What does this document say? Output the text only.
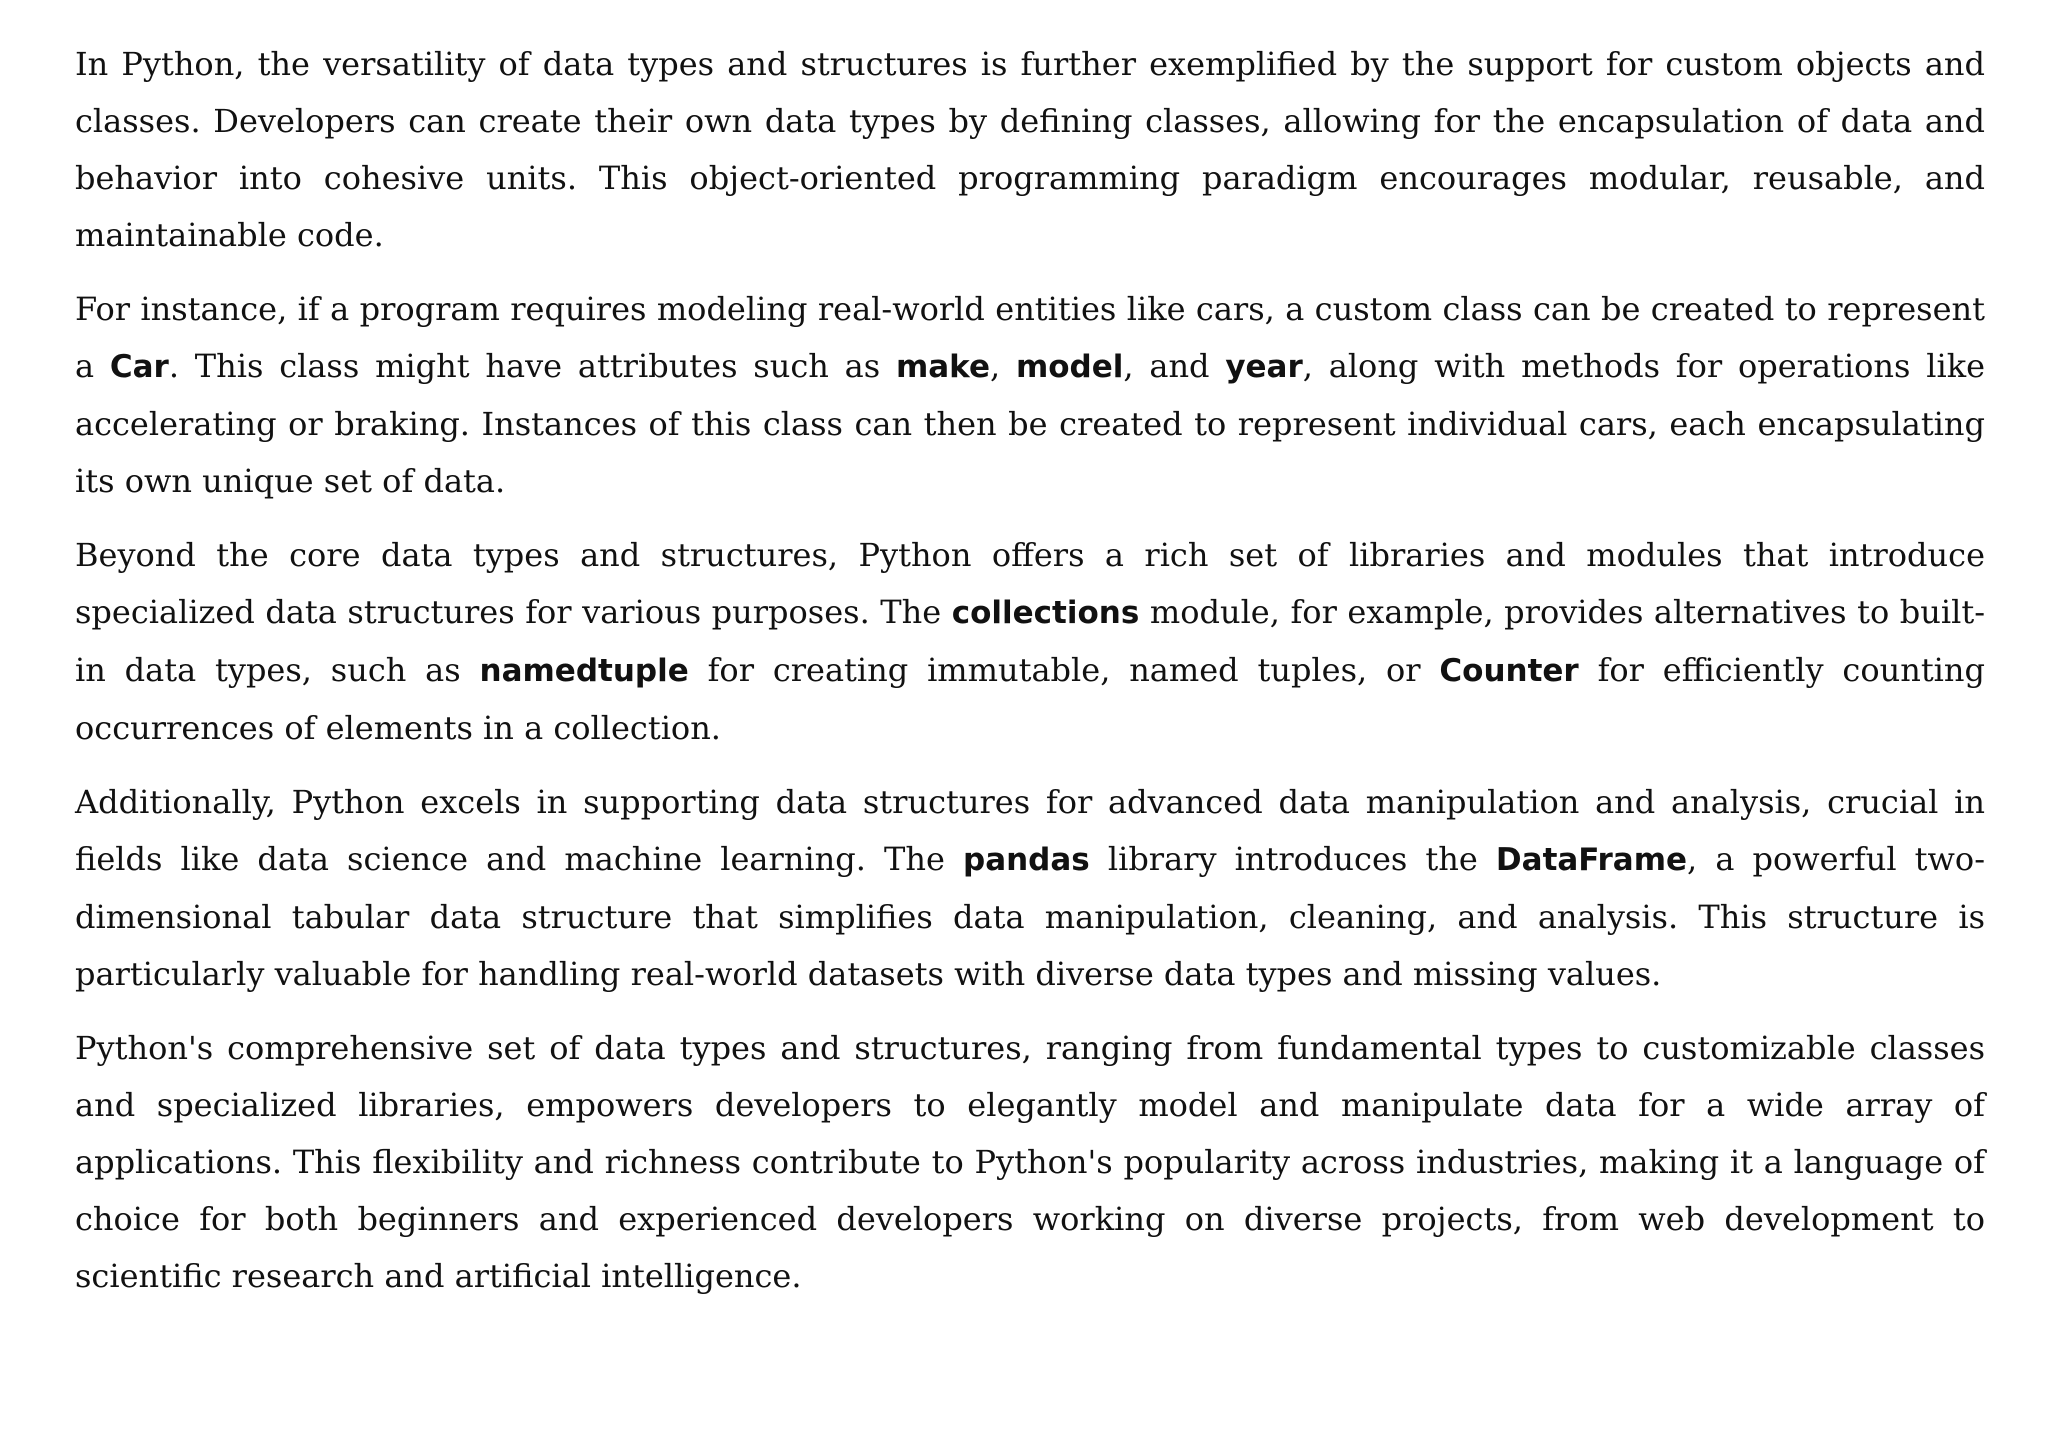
In Python, the versatility of data types and structures is further exemplified by the support for custom objects and classes. Developers can create their own data types by defining classes, allowing for the encapsulation of data and behavior into cohesive units. This object-oriented programming paradigm encourages modular, reusable, and maintainable code.

For instance, if a program requires modeling real-world entities like cars, a custom class can be created to represent a Car. This class might have attributes such as make, model, and year, along with methods for operations like accelerating or braking. Instances of this class can then be created to represent individual cars, each encapsulating its own unique set of data.

Beyond the core data types and structures, Python offers a rich set of libraries and modules that introduce specialized data structures for various purposes. The collections module, for example, provides alternatives to built-in data types, such as namedtuple for creating immutable, named tuples, or Counter for efficiently counting occurrences of elements in a collection.

Additionally, Python excels in supporting data structures for advanced data manipulation and analysis, crucial in fields like data science and machine learning. The pandas library introduces the DataFrame, a powerful two-dimensional tabular data structure that simplifies data manipulation, cleaning, and analysis. This structure is particularly valuable for handling real-world datasets with diverse data types and missing values.

Python's comprehensive set of data types and structures, ranging from fundamental types to customizable classes and specialized libraries, empowers developers to elegantly model and manipulate data for a wide array of applications. This flexibility and richness contribute to Python's popularity across industries, making it a language of choice for both beginners and experienced developers working on diverse projects, from web development to scientific research and artificial intelligence.
